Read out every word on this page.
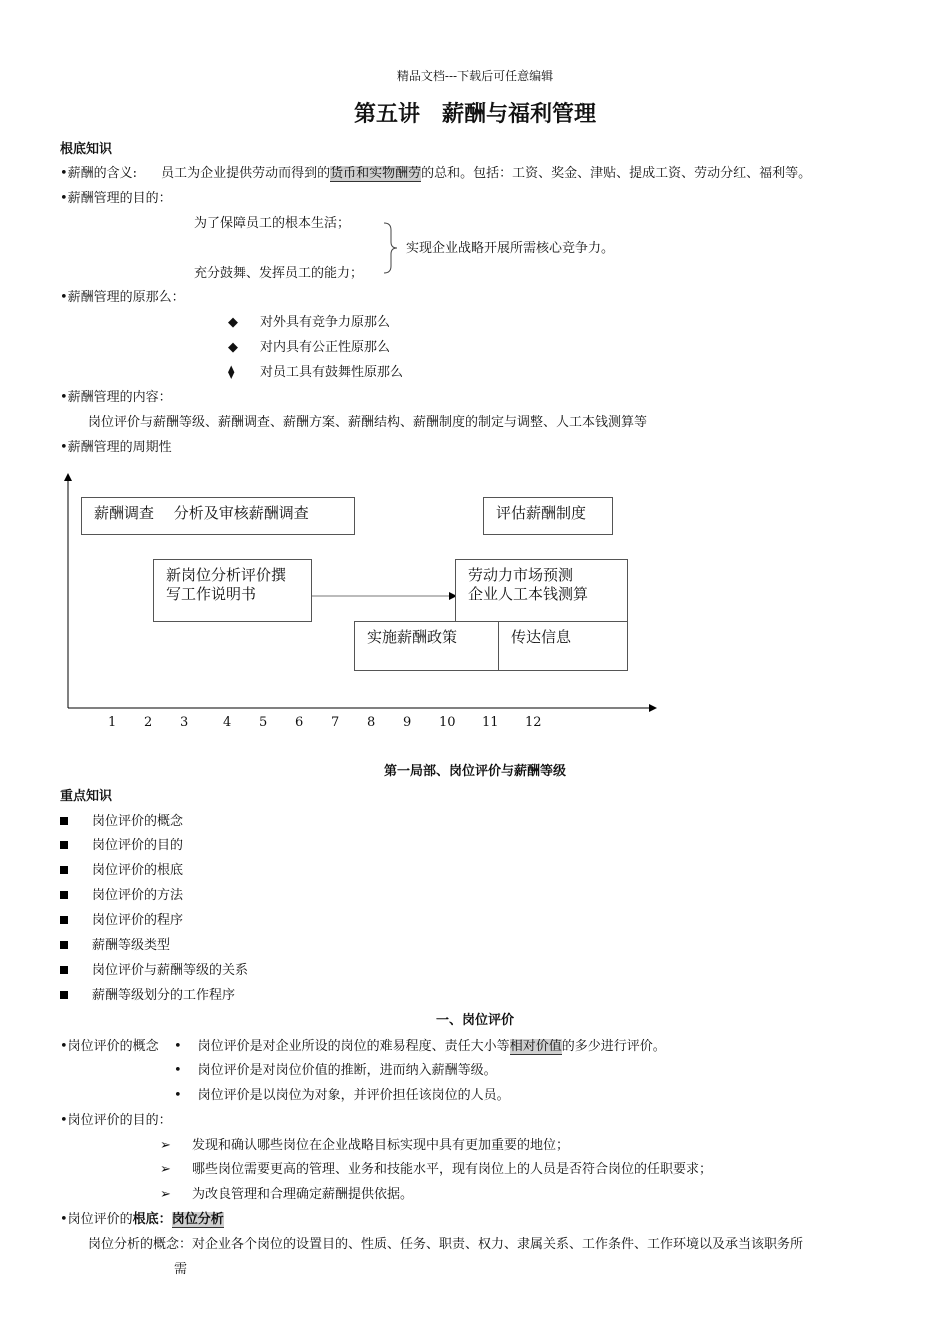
精品文档---下载后可任意编辑
第五讲　薪酬与福利管理
根底知识
•薪酬的含义: 员工为企业提供劳动而得到的货币和实物酬劳的总和。包括：工资、奖金、津贴、提成工资、劳动分红、福利等。
•薪酬管理的目的：
为了保障员工的根本生活；
充分鼓舞、发挥员工的能力；
实现企业战略开展所需核心竞争力。
•薪酬管理的原那么：
◆ 对外具有竞争力原那么
◆ 对内具有公正性原那么
⧫ 对员工具有鼓舞性原那么
•薪酬管理的内容：
岗位评价与薪酬等级、薪酬调查、薪酬方案、薪酬结构、薪酬制度的制定与调整、人工本钱测算等
•薪酬管理的周期性
薪酬调查　 分析及审核薪酬调查	评估薪酬制度
新岗位分析评价撰
写工作说明书
劳动力市场预测
企业人工本钱测算
实施薪酬政策	传达信息
1 2 3	4 5 6 7 8 9 10 11 12
第一局部、岗位评价与薪酬等级
重点知识
岗位评价的概念
岗位评价的目的
岗位评价的根底
岗位评价的方法
岗位评价的程序
薪酬等级类型
岗位评价与薪酬等级的关系
薪酬等级划分的工作程序
一、岗位评价
•岗位评价的概念 • 岗位评价是对企业所设的岗位的难易程度、责任大小等相对价值的多少进行评价。
• 岗位评价是对岗位价值的推断，进而纳入薪酬等级。
• 岗位评价是以岗位为对象，并评价担任该岗位的人员。
•岗位评价的目的：
➢ 发现和确认哪些岗位在企业战略目标实现中具有更加重要的地位；
➢ 哪些岗位需要更高的管理、业务和技能水平，现有岗位上的人员是否符合岗位的任职要求；
➢ 为改良管理和合理确定薪酬提供依据。
•岗位评价的根底：岗位分析
岗位分析的概念：对企业各个岗位的设置目的、性质、任务、职责、权力、隶属关系、工作条件、工作环境以及承当该职务所
需
